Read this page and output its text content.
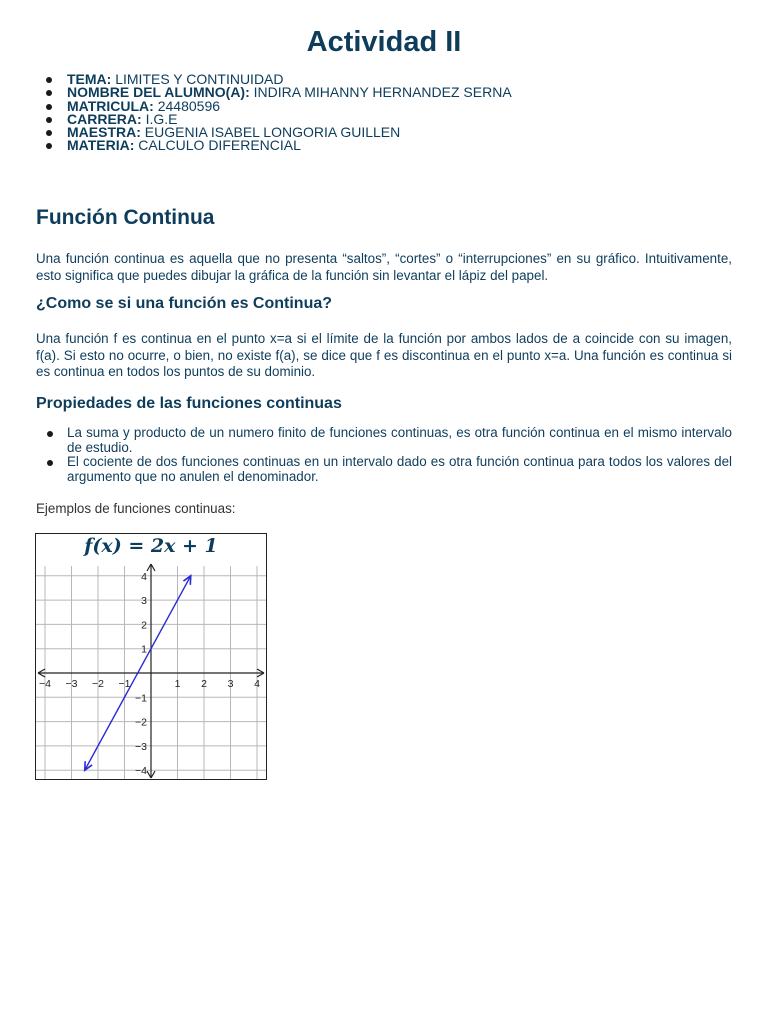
Actividad II
TEMA: LIMITES Y CONTINUIDAD
NOMBRE DEL ALUMNO(A): INDIRA MIHANNY HERNANDEZ SERNA
MATRICULA: 24480596
CARRERA: I.G.E
MAESTRA: EUGENIA ISABEL LONGORIA GUILLEN
MATERIA: CALCULO DIFERENCIAL
Función Continua

Una función continua es aquella que no presenta “saltos”, “cortes” o “interrupciones” en su gráfico. Intuitivamente, esto significa que puedes dibujar la gráfica de la función sin levantar el lápiz del papel.

¿Como se si una función es Continua?

Una función f es continua en el punto x=a si el límite de la función por ambos lados de a coincide con su imagen, f(a). Si esto no ocurre, o bien, no existe f(a), se dice que f es discontinua en el punto x=a. Una función es continua si es continua en todos los puntos de su dominio.

Propiedades de las funciones continuas
La suma y producto de un numero finito de funciones continuas, es otra función continua en el mismo intervalo de estudio.
El cociente de dos funciones continuas en un intervalo dado es otra función continua para todos los valores del argumento que no anulen el denominador.

Ejemplos de funciones continuas:

−4 −3 −2 −1	1 2 3 4
4
3
2
1
−1
−2
−3
−4
f(x) = 2x + 1
